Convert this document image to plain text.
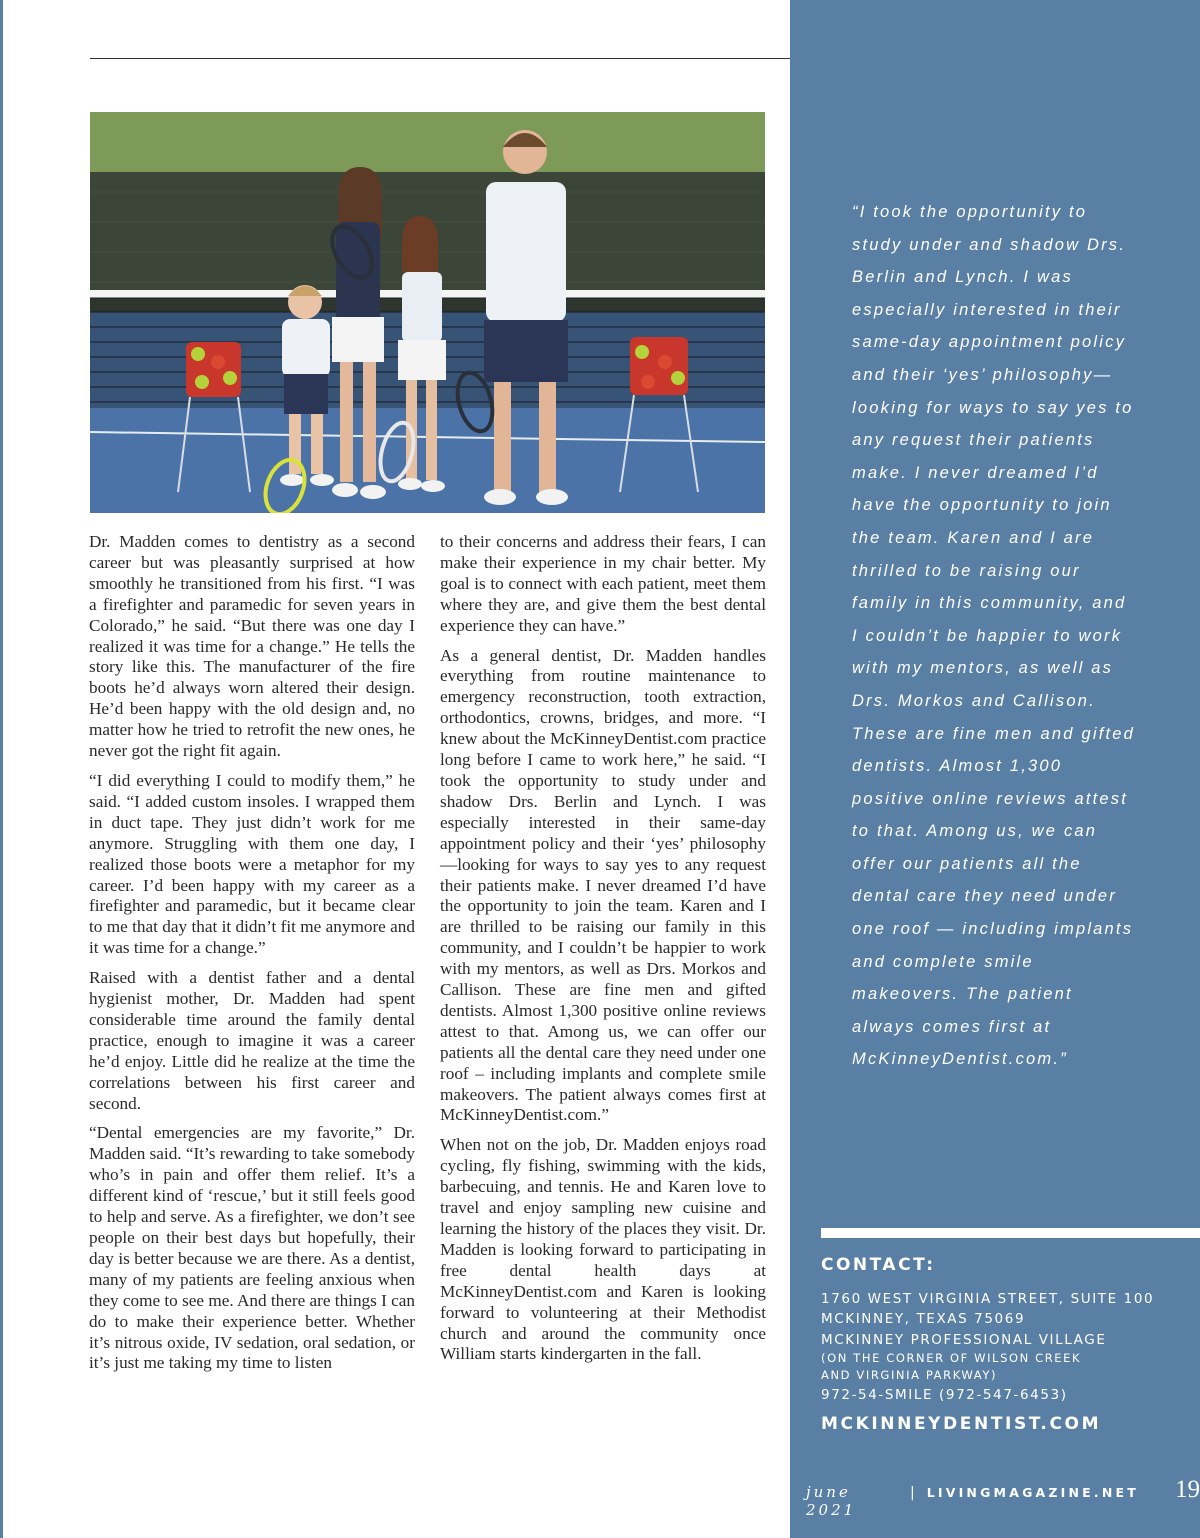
Dr. Madden comes to dentistry as a second career but was pleasantly surprised at how smoothly he transitioned from his first. “I was a firefighter and paramedic for seven years in Colorado,” he said. “But there was one day I realized it was time for a change.” He tells the story like this. The manufacturer of the fire boots he’d always worn altered their design. He’d been happy with the old design and, no matter how he tried to retrofit the new ones, he never got the right fit again.

“I did everything I could to modify them,” he said. “I added custom insoles. I wrapped them in duct tape. They just didn’t work for me anymore. Struggling with them one day, I realized those boots were a metaphor for my career. I’d been happy with my career as a firefighter and paramedic, but it became clear to me that day that it didn’t fit me anymore and it was time for a change.”

Raised with a dentist father and a dental hygienist mother, Dr. Madden had spent considerable time around the family dental practice, enough to imagine it was a career he’d enjoy. Little did he realize at the time the correlations between his first career and second.

“Dental emergencies are my favorite,” Dr. Madden said. “It’s rewarding to take somebody who’s in pain and offer them relief. It’s a different kind of ‘rescue,’ but it still feels good to help and serve. As a firefighter, we don’t see people on their best days but hopefully, their day is better because we are there. As a dentist, many of my patients are feeling anxious when they come to see me. And there are things I can do to make their experience better. Whether it’s nitrous oxide, IV sedation, oral sedation, or it’s just me taking my time to listen

to their concerns and address their fears, I can make their experience in my chair better. My goal is to connect with each patient, meet them where they are, and give them the best dental experience they can have.”

As a general dentist, Dr. Madden handles everything from routine maintenance to emergency reconstruction, tooth extraction, orthodontics, crowns, bridges, and more. “I knew about the McKinneyDentist.com practice long before I came to work here,” he said. “I took the opportunity to study under and shadow Drs. Berlin and Lynch. I was especially interested in their same-day appointment policy and their ‘yes’ philosophy—looking for ways to say yes to any request their patients make. I never dreamed I’d have the opportunity to join the team. Karen and I are thrilled to be raising our family in this community, and I couldn’t be happier to work with my mentors, as well as Drs. Morkos and Callison. These are fine men and gifted dentists. Almost 1,300 positive online reviews attest to that. Among us, we can offer our patients all the dental care they need under one roof – including implants and complete smile makeovers. The patient always comes first at McKinneyDentist.com.”

When not on the job, Dr. Madden enjoys road cycling, fly fishing, swimming with the kids, barbecuing, and tennis. He and Karen love to travel and enjoy sampling new cuisine and learning the history of the places they visit. Dr. Madden is looking forward to participating in free dental health days at McKinneyDentist.com and Karen is looking forward to volunteering at their Methodist church and around the community once William starts kindergarten in the fall.

“I took the opportunity to study under and shadow Drs. Berlin and Lynch. I was especially interested in their same-day appointment policy and their ‘yes’ philosophy—looking for ways to say yes to any request their patients make. I never dreamed I’d have the opportunity to join the team. Karen and I are thrilled to be raising our family in this community, and I couldn’t be happier to work with my mentors, as well as Drs. Morkos and Callison. These are fine men and gifted dentists. Almost 1,300 positive online reviews attest to that. Among us, we can offer our patients all the dental care they need under one roof — including implants and complete smile makeovers. The patient always comes first at McKinneyDentist.com.”
CONTACT:
1760 WEST VIRGINIA STREET, SUITE 100
MCKINNEY, TEXAS 75069
MCKINNEY PROFESSIONAL VILLAGE
(ON THE CORNER OF WILSON CREEK
AND VIRGINIA PARKWAY)
972-54-SMILE (972-547-6453)
MCKINNEYDENTIST.COM
june 2021
| LIVINGMAGAZINE.NET 19
